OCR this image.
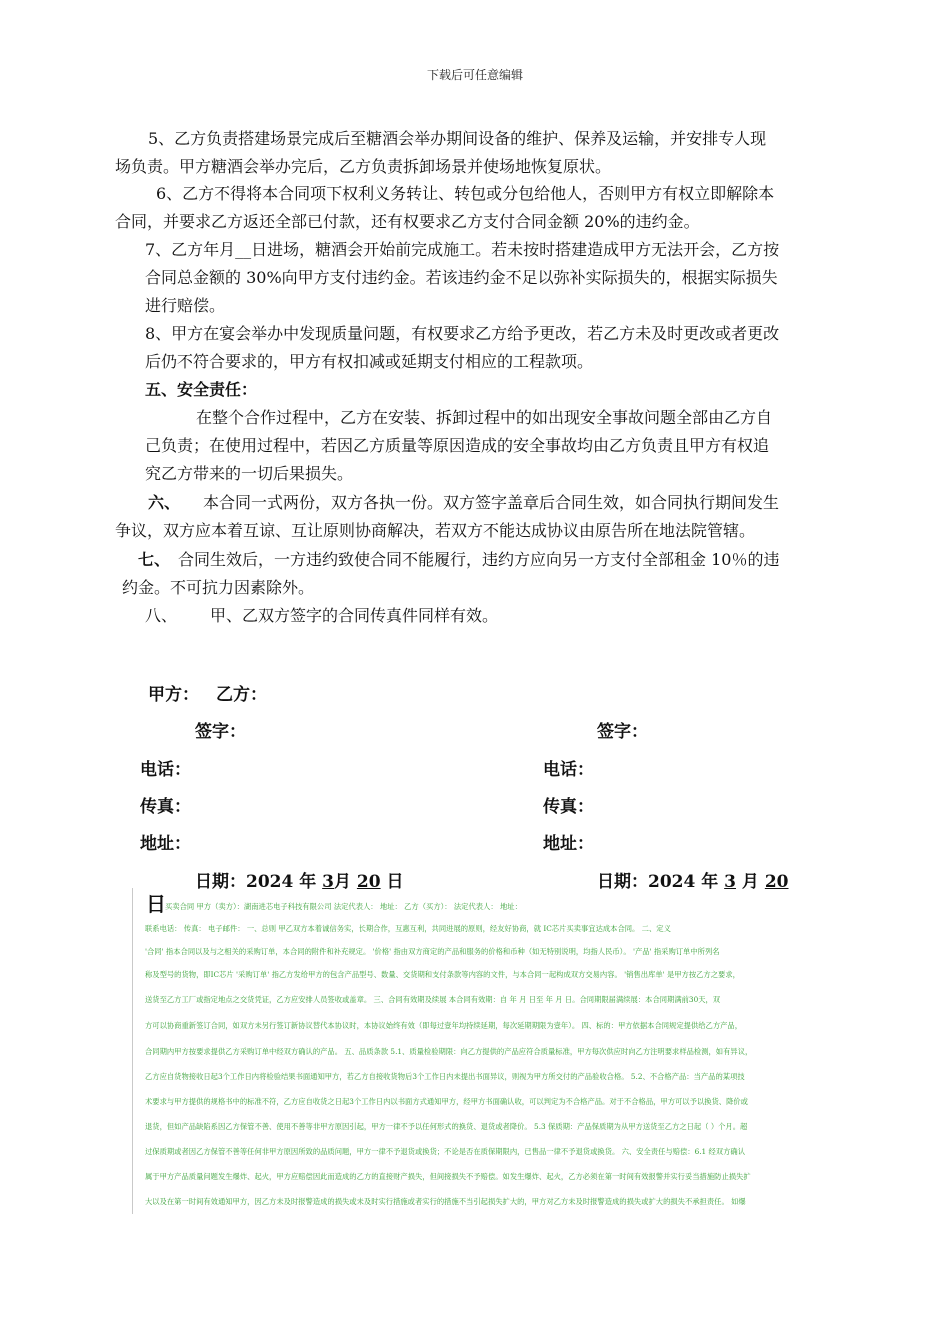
下载后可任意编辑
5、乙方负责搭建场景完成后至糖酒会举办期间设备的维护、保养及运输，并安排专人现
场负责。甲方糖酒会举办完后，乙方负责拆卸场景并使场地恢复原状。
6、乙方不得将本合同项下权利义务转让、转包或分包给他人，否则甲方有权立即解除本
合同，并要求乙方返还全部已付款，还有权要求乙方支付合同金额 20%的违约金。
7、乙方年月__日进场，糖酒会开始前完成施工。若未按时搭建造成甲方无法开会，乙方按
合同总金额的 30%向甲方支付违约金。若该违约金不足以弥补实际损失的，根据实际损失
进行赔偿。
8、甲方在宴会举办中发现质量问题，有权要求乙方给予更改，若乙方未及时更改或者更改
后仍不符合要求的，甲方有权扣减或延期支付相应的工程款项。
五、安全责任：
在整个合作过程中，乙方在安装、拆卸过程中的如出现安全事故问题全部由乙方自
己负责；在使用过程中，若因乙方质量等原因造成的安全事故均由乙方负责且甲方有权追
究乙方带来的一切后果损失。
六、 本合同一式两份，双方各执一份。双方签字盖章后合同生效，如合同执行期间发生
争议，双方应本着互谅、互让原则协商解决，若双方不能达成协议由原告所在地法院管辖。
七、 合同生效后，一方违约致使合同不能履行，违约方应向另一方支付全部租金 10％的违
约金。不可抗力因素除外。
八、 甲、乙双方签字的合同传真件同样有效。
甲方： 乙方：
签字：	签字：
电话：	电话：
传真：	传真：
地址：	地址：
日期：2024 年 3月 20 日	日期：2024 年 3 月 20
日 买卖合同 甲方（卖方）：湖南进芯电子科技有限公司 法定代表人： 地址： 乙方（买方）： 法定代表人： 地址：
联系电话： 传真： 电子邮件： 一、总则 甲乙双方本着诚信务实，长期合作，互惠互利，共同进展的原则，经友好协商，就 IC芯片买卖事宜达成本合同。 二、定义
'合同' 指本合同以及与之相关的采购订单，本合同的附件和补充规定。 '价格' 指由双方商定的产品和服务的价格和币种（如无特别说明，均指人民币）。 '产品' 指采购订单中所列名
称及型号的货物，即IC芯片 '采购订单' 指乙方发给甲方的包含产品型号、数量、交货期和支付条款等内容的文件，与本合同一起构成双方交易内容。 '销售出库单' 是甲方按乙方之要求，
送货至乙方工厂或指定地点之交货凭证，乙方应安排人员签收或盖章。 三、合同有效期及续展 本合同有效期：自 年 月 日至 年 月 日。合同期限届满续展：本合同期满前30天，双
方可以协商重新签订合同，如双方未另行签订新协议替代本协议时，本协议始终有效（即每过壹年均持续延期，每次延期期限为壹年）。 四、标的：甲方依据本合同规定提供给乙方产品，
合同期内甲方按要求提供乙方采购订单中经双方确认的产品。 五、品质条款 5.1、质量检验期限：向乙方提供的产品应符合质量标准，甲方每次供应时向乙方注明要求样品检测，如有异议，
乙方应自货物接收日起3个工作日内将检验结果书面通知甲方，若乙方自接收货物后3个工作日内未提出书面异议，则视为甲方所交付的产品验收合格。 5.2、不合格产品：当产品的某项技
术要求与甲方提供的规格书中的标准不符，乙方应自收货之日起3个工作日内以书面方式通知甲方，经甲方书面确认收，可以判定为不合格产品。对于不合格品，甲方可以予以换货、降价或
退货，但如产品缺陷系因乙方保管不善、使用不善等非甲方原因引起，甲方一律不予以任何形式的换货、退货或者降价。 5.3 保质期：产品保质期为从甲方送货至乙方之日起（ ）个月。超
过保质期或者因乙方保管不善等任何非甲方原因所致的品质问题，甲方一律不予退货或换货；不论是否在质保期限内，已售品一律不予退货或换货。 六、安全责任与赔偿：6.1 经双方确认
属于甲方产品质量问题发生爆炸、起火，甲方应赔偿因此而造成的乙方的直接财产损失，但间接损失不予赔偿。如发生爆炸、起火，乙方必须在第一时间有效报警并实行妥当措施防止损失扩
大以及在第一时间有效通知甲方，因乙方未及时报警造成的损失或未及时实行措施或者实行的措施不当引起损失扩大的，甲方对乙方未及时报警造成的损失或扩大的损失不承担责任。 如爆
